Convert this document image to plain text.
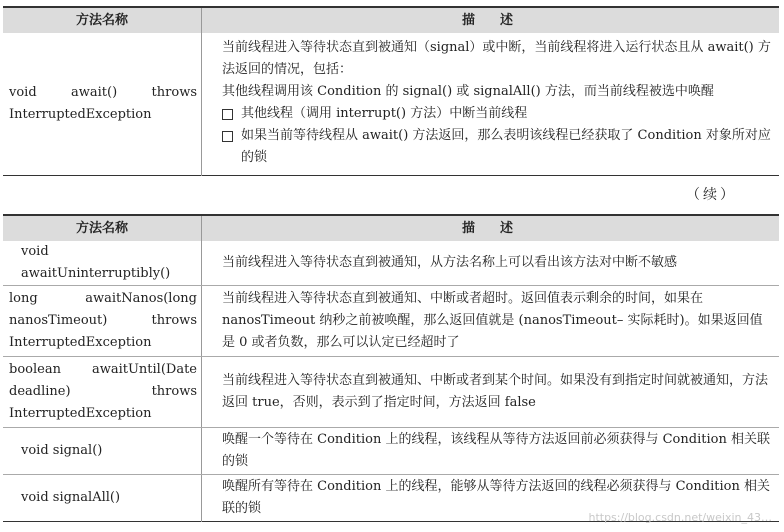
方法名称	描　述

void await() throws InterruptedException	当前线程进入等待状态直到被通知（signal）或中断，当前线程将进入运行状态且从 await() 方法返回的情况，包括：
其他线程调用该 Condition 的 signal() 或 signalAll() 方法，而当前线程被选中唤醒
其他线程（调用 interrupt() 方法）中断当前线程
如果当前等待线程从 await() 方法返回，那么表明该线程已经获取了 Condition 对象所对应的锁
（续）
方法名称	描　述

void awaitUninterruptibly()	当前线程进入等待状态直到被通知，从方法名称上可以看出该方法对中断不敏感

long awaitNanos(long nanosTimeout) throws InterruptedException	当前线程进入等待状态直到被通知、中断或者超时。返回值表示剩余的时间，如果在 nanosTimeout 纳秒之前被唤醒，那么返回值就是 (nanosTimeout– 实际耗时)。如果返回值是 0 或者负数，那么可以认定已经超时了

boolean awaitUntil(Date deadline) throws InterruptedException	当前线程进入等待状态直到被通知、中断或者到某个时间。如果没有到指定时间就被通知，方法返回 true，否则，表示到了指定时间，方法返回 false

void signal()	唤醒一个等待在 Condition 上的线程，该线程从等待方法返回前必须获得与 Condition 相关联的锁

void signalAll()	唤醒所有等待在 Condition 上的线程，能够从等待方法返回的线程必须获得与 Condition 相关联的锁
https://blog.csdn.net/weixin_43…
